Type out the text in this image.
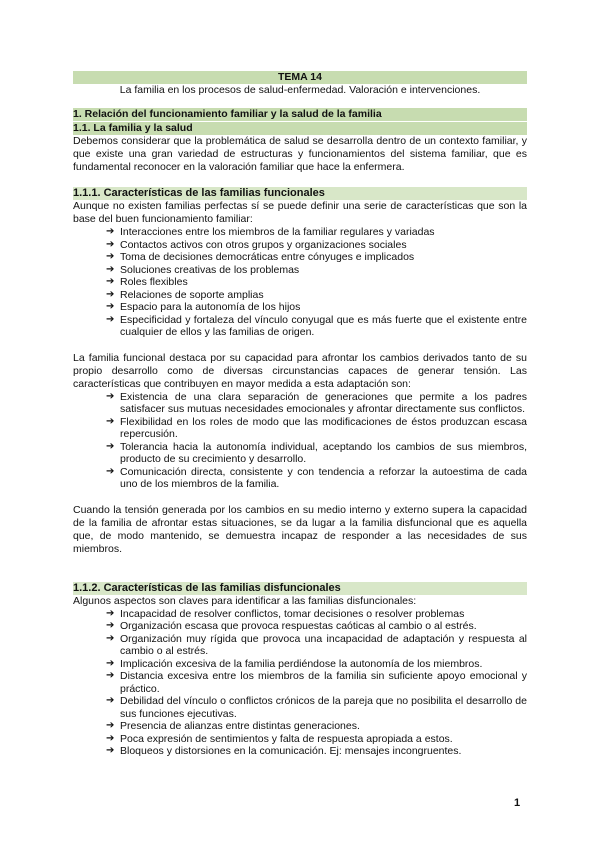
TEMA 14
La familia en los procesos de salud-enfermedad. Valoración e intervenciones.
1. Relación del funcionamiento familiar y la salud de la familia
1.1. La familia y la salud

Debemos considerar que la problemática de salud se desarrolla dentro de un contexto familiar, y que existe una gran variedad de estructuras y funcionamientos del sistema familiar, que es fundamental reconocer en la valoración familiar que hace la enfermera.

1.1.1. Características de las familias funcionales

Aunque no existen familias perfectas sí se puede definir una serie de características que son la base del buen funcionamiento familiar:

➔ Interacciones entre los miembros de la familiar regulares y variadas
➔ Contactos activos con otros grupos y organizaciones sociales
➔ Toma de decisiones democráticas entre cónyuges e implicados
➔ Soluciones creativas de los problemas
➔ Roles flexibles
➔ Relaciones de soporte amplias
➔ Espacio para la autonomía de los hijos
➔ Especificidad y fortaleza del vínculo conyugal que es más fuerte que el existente entre cualquier de ellos y las familias de origen.

La familia funcional destaca por su capacidad para afrontar los cambios derivados tanto de su propio desarrollo como de diversas circunstancias capaces de generar tensión. Las características que contribuyen en mayor medida a esta adaptación son:

➔ Existencia de una clara separación de generaciones que permite a los padres satisfacer sus mutuas necesidades emocionales y afrontar directamente sus conflictos.
➔ Flexibilidad en los roles de modo que las modificaciones de éstos produzcan escasa repercusión.
➔ Tolerancia hacia la autonomía individual, aceptando los cambios de sus miembros, producto de su crecimiento y desarrollo.
➔ Comunicación directa, consistente y con tendencia a reforzar la autoestima de cada uno de los miembros de la familia.

Cuando la tensión generada por los cambios en su medio interno y externo supera la capacidad de la familia de afrontar estas situaciones, se da lugar a la familia disfuncional que es aquella que, de modo mantenido, se demuestra incapaz de responder a las necesidades de sus miembros.

1.1.2. Características de las familias disfuncionales

Algunos aspectos son claves para identificar a las familias disfuncionales:

➔ Incapacidad de resolver conflictos, tomar decisiones o resolver problemas
➔ Organización escasa que provoca respuestas caóticas al cambio o al estrés.
➔ Organización muy rígida que provoca una incapacidad de adaptación y respuesta al cambio o al estrés.
➔ Implicación excesiva de la familia perdiéndose la autonomía de los miembros.
➔ Distancia excesiva entre los miembros de la familia sin suficiente apoyo emocional y práctico.
➔ Debilidad del vínculo o conflictos crónicos de la pareja que no posibilita el desarrollo de sus funciones ejecutivas.
➔ Presencia de alianzas entre distintas generaciones.
➔ Poca expresión de sentimientos y falta de respuesta apropiada a estos.
➔ Bloqueos y distorsiones en la comunicación. Ej: mensajes incongruentes.
1
